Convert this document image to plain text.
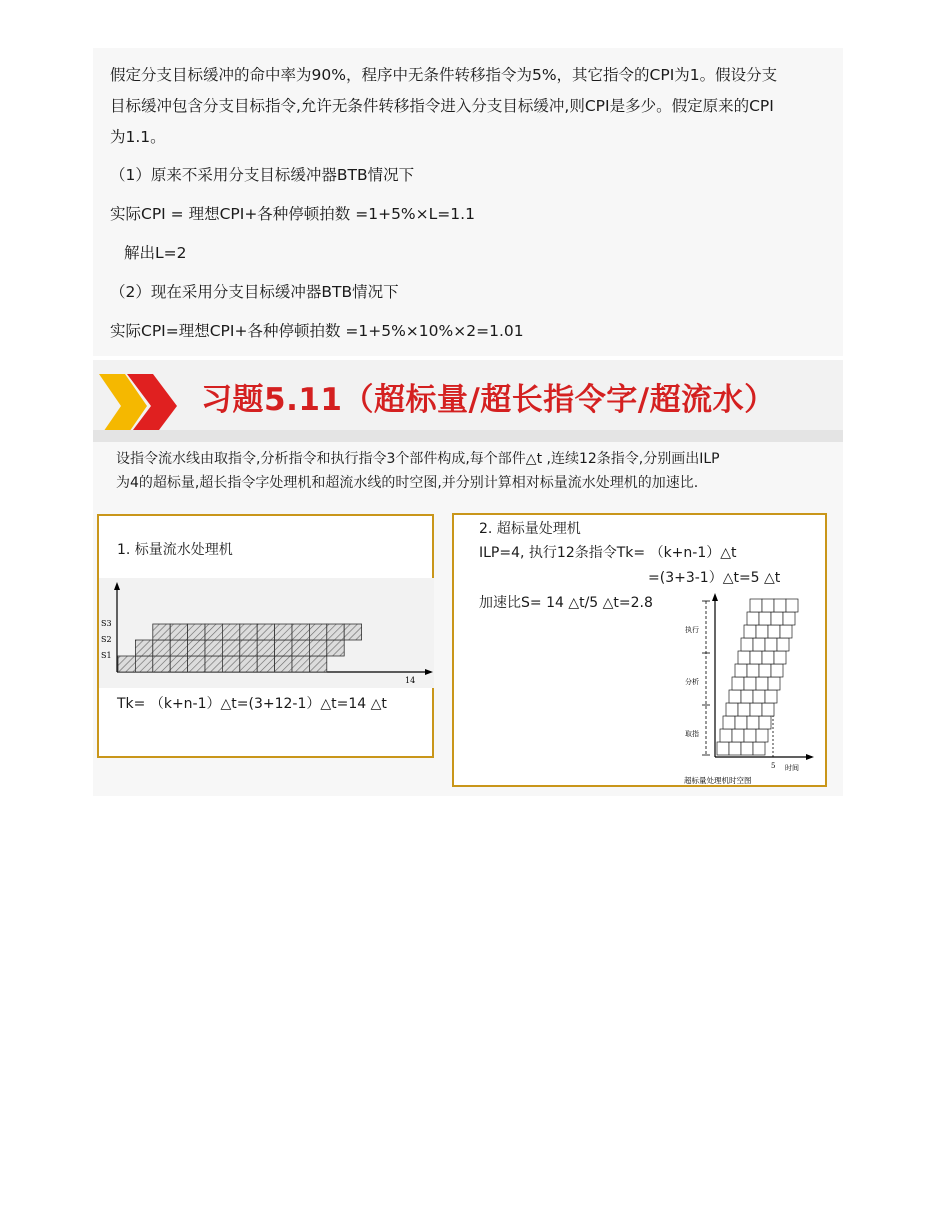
假定分支目标缓冲的命中率为90%，程序中无条件转移指令为5%，其它指令的CPI为1。假设分支
目标缓冲包含分支目标指令,允许无条件转移指令进入分支目标缓冲,则CPI是多少。假定原来的CPI
为1.1。
（1）原来不采用分支目标缓冲器BTB情况下
实际CPI = 理想CPI+各种停顿拍数 =1+5%×L=1.1
解出L=2
（2）现在采用分支目标缓冲器BTB情况下
实际CPI=理想CPI+各种停顿拍数 =1+5%×10%×2=1.01
习题5.11（超标量/超长指令字/超流水）
设指令流水线由取指令,分析指令和执行指令3个部件构成,每个部件△t ,连续12条指令,分别画出ILP
为4的超标量,超长指令字处理机和超流水线的时空图,并分别计算相对标量流水处理机的加速比.
1. 标量流水处理机
S3
S2
S1
14
Tk= （k+n-1）△t=(3+12-1）△t=14 △t
2. 超标量处理机
ILP=4, 执行12条指令Tk= （k+n-1）△t
=(3+3-1）△t=5 △t
加速比S= 14 △t/5 △t=2.8
执行
分析
取指
5 时间
超标量处理机时空图
